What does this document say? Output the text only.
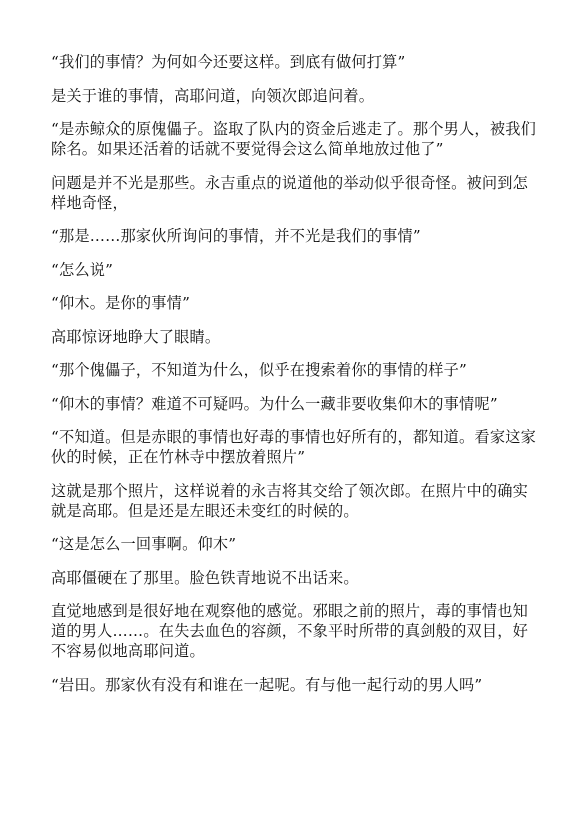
“我们的事情？为何如今还要这样。到底有做何打算”

是关于谁的事情，高耶问道，向领次郎追问着。

“是赤鲸众的原傀儡子。盗取了队内的资金后逃走了。那个男人，被我们除名。如果还活着的话就不要觉得会这么简单地放过他了”

问题是并不光是那些。永吉重点的说道他的举动似乎很奇怪。被问到怎样地奇怪，

“那是……那家伙所询问的事情，并不光是我们的事情”

“怎么说”

“仰木。是你的事情”

高耶惊讶地睁大了眼睛。

“那个傀儡子，不知道为什么，似乎在搜索着你的事情的样子”

“仰木的事情？难道不可疑吗。为什么一藏非要收集仰木的事情呢”

“不知道。但是赤眼的事情也好毒的事情也好所有的，都知道。看家这家伙的时候，正在竹林寺中摆放着照片”

这就是那个照片，这样说着的永吉将其交给了领次郎。在照片中的确实就是高耶。但是还是左眼还未变红的时候的。

“这是怎么一回事啊。仰木”

高耶僵硬在了那里。脸色铁青地说不出话来。

直觉地感到是很好地在观察他的感觉。邪眼之前的照片，毒的事情也知道的男人……。在失去血色的容颜，不象平时所带的真剑般的双目，好不容易似地高耶问道。

“岩田。那家伙有没有和谁在一起呢。有与他一起行动的男人吗”
